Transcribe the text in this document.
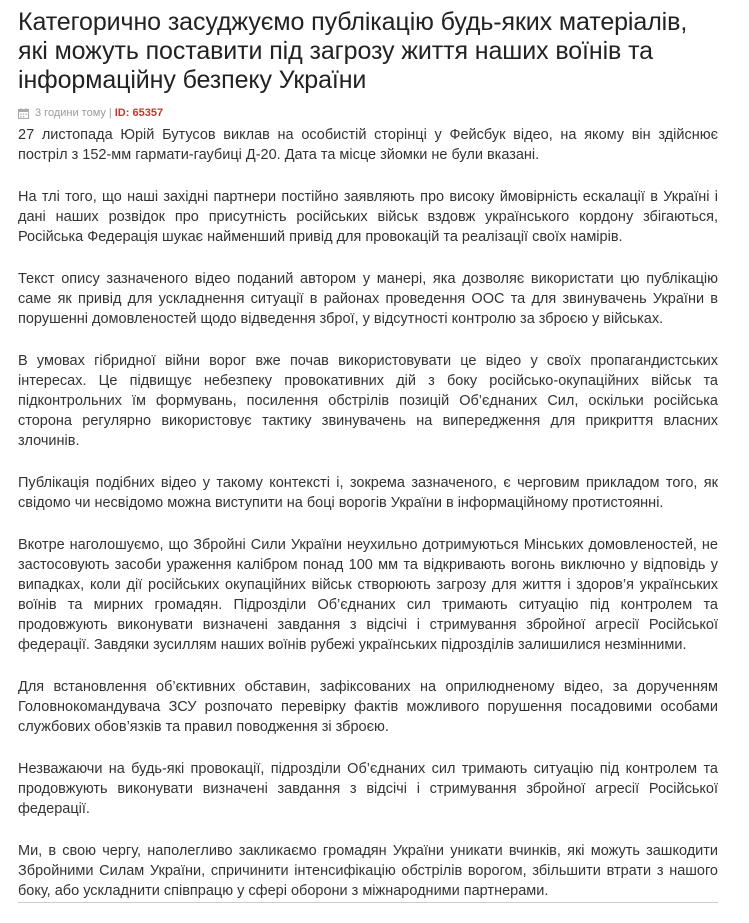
Категорично засуджуємо публікацію будь-яких матеріалів, які можуть поставити під загрозу життя наших воїнів та інформаційну безпеку України
3 години тому | ID: 65357

27 листопада Юрій Бутусов виклав на особистій сторінці у Фейсбук відео, на якому він здійснює постріл з 152-мм гармати-гаубиці Д-20. Дата та місце зйомки не були вказані.

На тлі того, що наші західні партнери постійно заявляють про високу ймовірність ескалації в Україні і дані наших розвідок про присутність російських військ вздовж українського кордону збігаються, Російська Федерація шукає найменший привід для провокацій та реалізації своїх намірів.

Текст опису зазначеного відео поданий автором у манері, яка дозволяє використати цю публікацію саме як привід для ускладнення ситуації в районах проведення ООС та для звинувачень України в порушенні домовленостей щодо відведення зброї, у відсутності контролю за зброєю у військах.

В умовах гібридної війни ворог вже почав використовувати це відео у своїх пропагандистських інтересах. Це підвищує небезпеку провокативних дій з боку російсько-окупаційних військ та підконтрольних їм формувань, посилення обстрілів позицій Об’єднаних Сил, оскільки російська сторона регулярно використовує тактику звинувачень на випередження для прикриття власних злочинів.

Публікація подібних відео у такому контексті і, зокрема зазначеного, є черговим прикладом того, як свідомо чи несвідомо можна виступити на боці ворогів України в інформаційному протистоянні.

Вкотре наголошуємо, що Збройні Сили України неухильно дотримуються Мінських домовленостей, не застосовують засоби ураження калібром понад 100 мм та відкривають вогонь виключно у відповідь у випадках, коли дії російських окупаційних військ створюють загрозу для життя і здоров’я українських воїнів та мирних громадян. Підрозділи Об’єднаних сил тримають ситуацію під контролем та продовжують виконувати визначені завдання з відсічі і стримування збройної агресії Російської федерації. Завдяки зусиллям наших воїнів рубежі українських підрозділів залишилися незмінними.

Для встановлення об’єктивних обставин, зафіксованих на оприлюдненому відео, за дорученням Головнокомандувача ЗСУ розпочато перевірку фактів можливого порушення посадовими особами службових обов’язків та правил поводження зі зброєю.

Незважаючи на будь-які провокації, підрозділи Об’єднаних сил тримають ситуацію під контролем та продовжують виконувати визначені завдання з відсічі і стримування збройної агресії Російської федерації.

Ми, в свою чергу, наполегливо закликаємо громадян України уникати вчинків, які можуть зашкодити Збройними Силам України, спричинити інтенсифікацію обстрілів ворогом, збільшити втрати з нашого боку, або ускладнити співпрацю у сфері оборони з міжнародними партнерами.
